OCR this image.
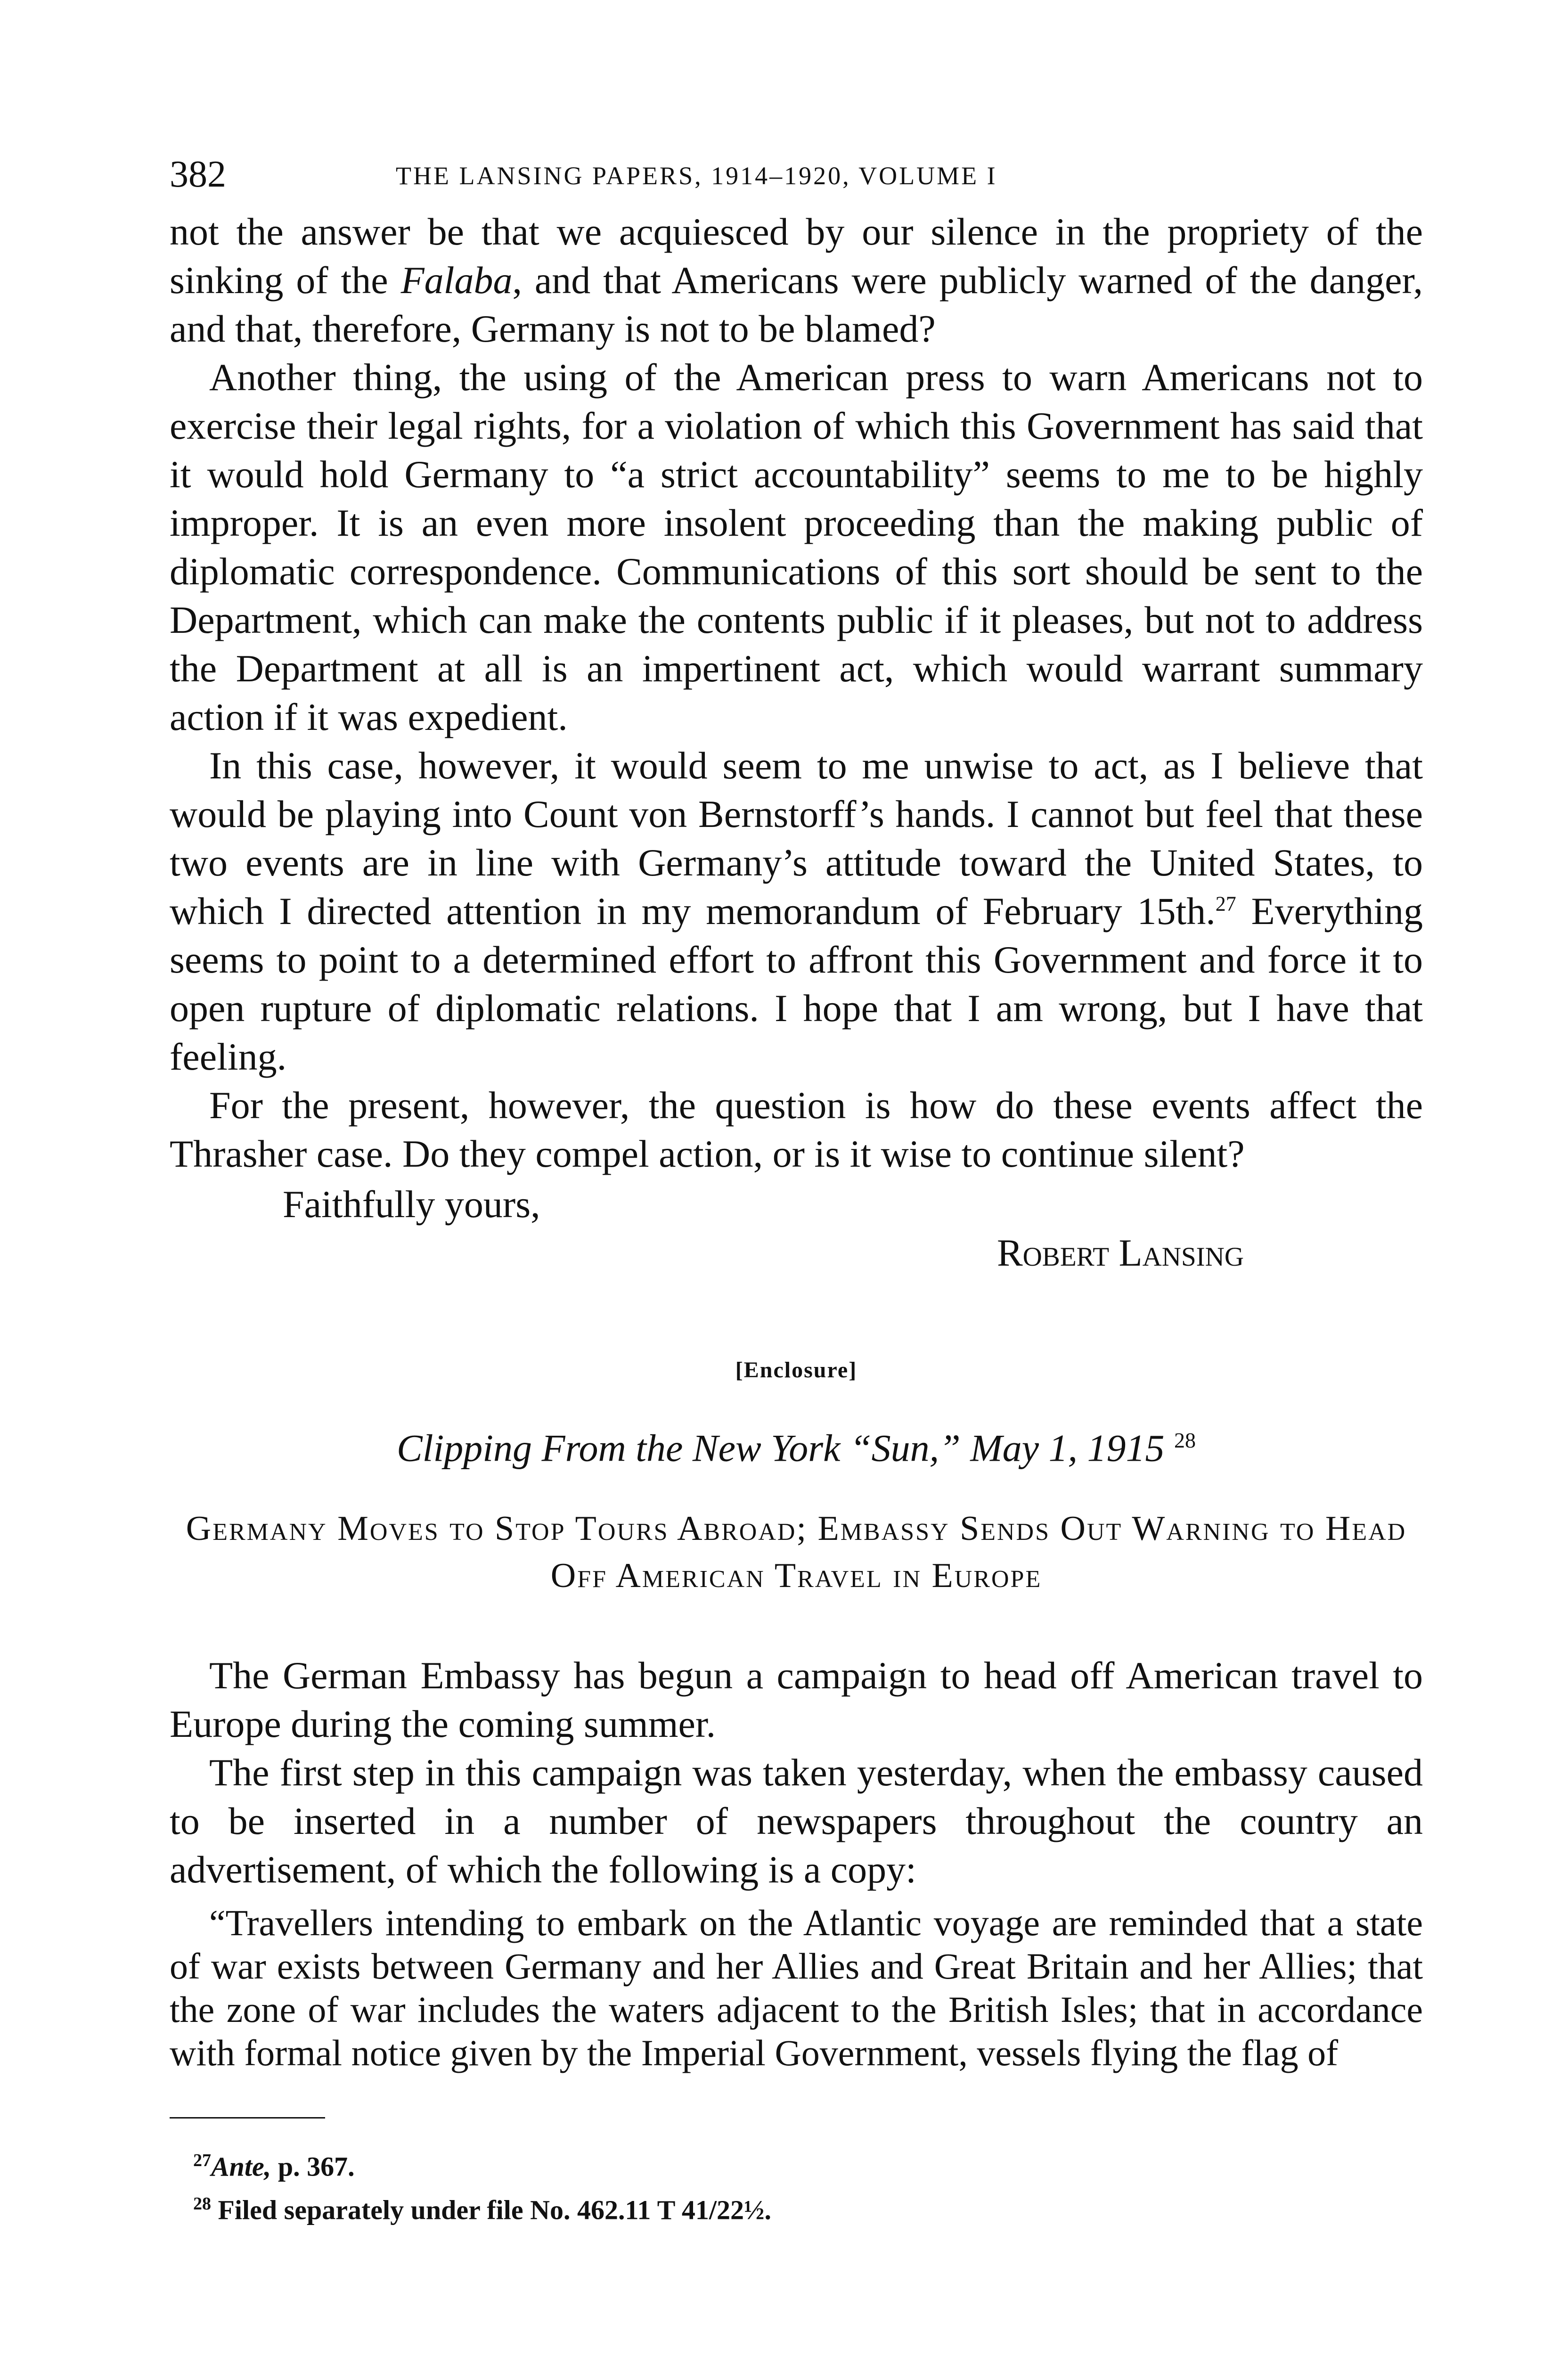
382	THE LANSING PAPERS, 1914–1920, VOLUME I

not the answer be that we acquiesced by our silence in the propriety of the sinking of the Falaba, and that Americans were publicly warned of the danger, and that, therefore, Germany is not to be blamed?

Another thing, the using of the American press to warn Americans not to exercise their legal rights, for a violation of which this Government has said that it would hold Germany to “a strict accountability” seems to me to be highly improper. It is an even more insolent proceeding than the making public of diplomatic correspondence. Communications of this sort should be sent to the Department, which can make the contents public if it pleases, but not to address the Department at all is an impertinent act, which would warrant summary action if it was expedient.

In this case, however, it would seem to me unwise to act, as I believe that would be playing into Count von Bernstorff’s hands. I cannot but feel that these two events are in line with Germany’s attitude toward the United States, to which I directed attention in my memorandum of February 15th.$^{27}$ Everything seems to point to a determined effort to affront this Government and force it to open rupture of diplomatic relations. I hope that I am wrong, but I have that feeling.

For the present, however, the question is how do these events affect the Thrasher case. Do they compel action, or is it wise to continue silent?

Faithfully yours,
Robert Lansing
[Enclosure]
Clipping From the New York “Sun,” May 1, 1915 $^{28}$
Germany Moves to Stop Tours Abroad; Embassy Sends Out Warning to Head Off American Travel in Europe

The German Embassy has begun a campaign to head off American travel to Europe during the coming summer.

The first step in this campaign was taken yesterday, when the embassy caused to be inserted in a number of newspapers throughout the country an advertisement, of which the following is a copy:

“Travellers intending to embark on the Atlantic voyage are reminded that a state of war exists between Germany and her Allies and Great Britain and her Allies; that the zone of war includes the waters adjacent to the British Isles; that in accordance with formal notice given by the Imperial Government, vessels flying the flag of

$^{27}$Ante, p. 367.
$^{28}$ Filed separately under file No. 462.11 T 41/22½.
